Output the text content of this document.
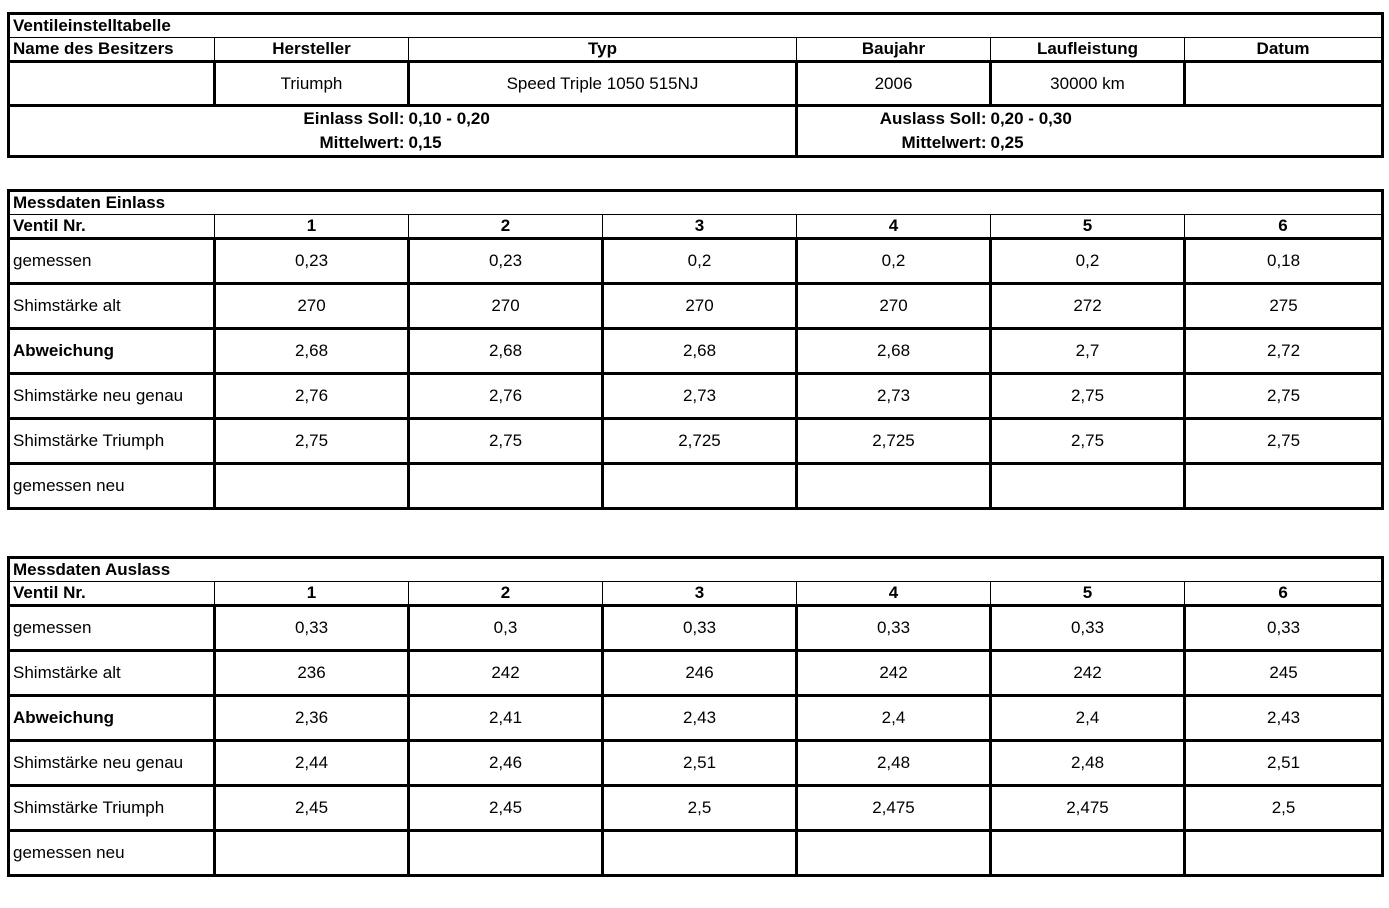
Ventileinstelltabelle					
Name des Besitzers	Hersteller	Typ	Baujahr	Laufleistung	Datum
	Triumph	Speed Triple 1050 515NJ	2006	30000 km	
Einlass Soll:		0,10 - 0,20	Auslass Soll:	0,20 - 0,30	
Mittelwert:		0,15	Mittelwert:	0,25	
Messdaten Einlass						
Ventil Nr.	1	2	3	4	5	6
gemessen	0,23	0,23	0,2	0,2	0,2	0,18
Shimstärke alt	270	270	270	270	272	275
Abweichung	2,68	2,68	2,68	2,68	2,7	2,72
Shimstärke neu genau	2,76	2,76	2,73	2,73	2,75	2,75
Shimstärke Triumph	2,75	2,75	2,725	2,725	2,75	2,75
gemessen neu						
Messdaten Auslass						
Ventil Nr.	1	2	3	4	5	6
gemessen	0,33	0,3	0,33	0,33	0,33	0,33
Shimstärke alt	236	242	246	242	242	245
Abweichung	2,36	2,41	2,43	2,4	2,4	2,43
Shimstärke neu genau	2,44	2,46	2,51	2,48	2,48	2,51
Shimstärke Triumph	2,45	2,45	2,5	2,475	2,475	2,5
gemessen neu						
